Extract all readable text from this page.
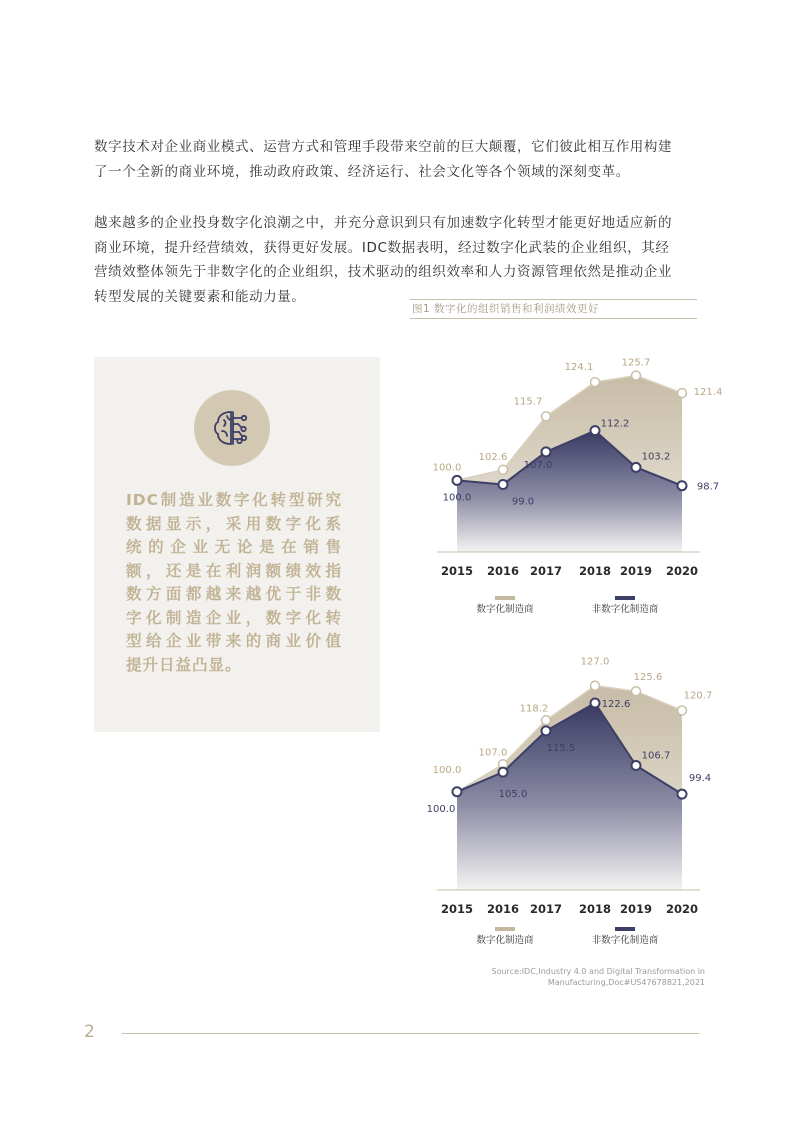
数字技术对企业商业模式、运营方式和管理手段带来空前的巨大颠覆，它们彼此相互作用构建
了一个全新的商业环境，推动政府政策、经济运行、社会文化等各个领域的深刻变革。

越来越多的企业投身数字化浪潮之中，并充分意识到只有加速数字化转型才能更好地适应新的
商业环境，提升经营绩效，获得更好发展。IDC数据表明，经过数字化武装的企业组织，其经
营绩效整体领先于非数字化的企业组织，技术驱动的组织效率和人力资源管理依然是推动企业
转型发展的关键要素和能动力量。

图1 数字化的组织销售和利润绩效更好

IDC制造业数字化转型研究
数据显示，采用数字化系
统的企业无论是在销售
额，还是在利润额绩效指
数方面都越来越优于非数
字化制造企业，数字化转
型给企业带来的商业价值
提升日益凸显。

100.0
102.6
115.7
124.1	125.7
121.4
100.0	99.0
107.0
112.2
103.2
98.7
2015 2016 2017 2018 2019 2020
数字化制造商	非数字化制造商
100.0
107.0
118.2
127.0
125.6
120.7
100.0
105.0
115.5
122.6
106.7
99.4
2015 2016 2017 2018 2019 2020
数字化制造商	非数字化制造商

Source:IDC,Industry 4.0 and Digital Transformation in
Manufacturing,Doc#US47678821,2021

2
